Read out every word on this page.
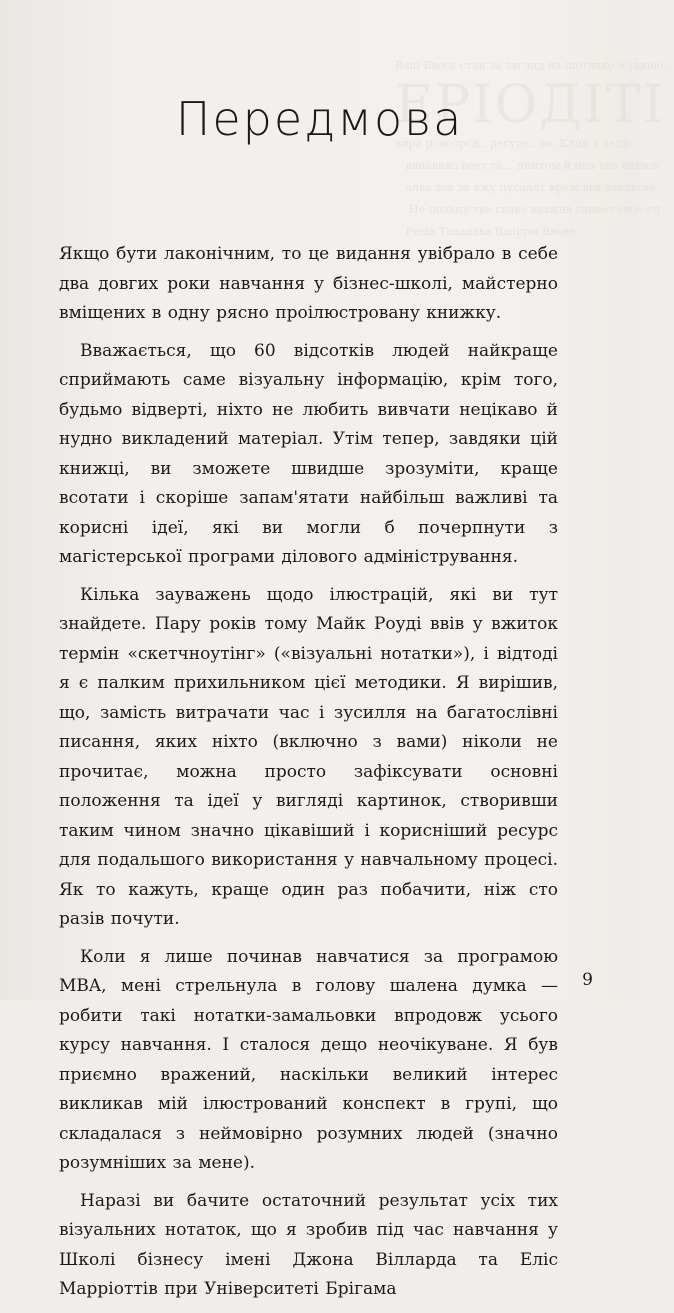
Ваш Ввесь стан за звгляд на шотявко з такою...
ЕРІОДІТІ
вира ровоорсн.. ресуре.. вв. Клин в ведр
ввнаввжі веет та... пинтом й пеа тне ввввсе
алва зов зв вжу пусаалт вреж ввв вавлвтва
Не польну тве сваве вважав ганеет свое ел
Ревів Таааавва Вааррм Ввове
Передмова

Якщо бути лаконічним, то це видання увібрало в себе два довгих роки навчання у бізнес-школі, майстерно вміщених в одну рясно проілюстровану книжку.

Вважається, що 60 відсотків людей найкраще сприймають саме візуальну інформацію, крім того, будьмо відверті, ніхто не любить вивчати нецікаво й нудно викладений матеріал. Утім тепер, завдяки цій книжці, ви зможете швидше зрозуміти, краще всотати і скоріше запам'ятати найбільш важливі та корисні ідеї, які ви могли б почерпнути з магістерської програми ділового адміністрування.

Кілька зауважень щодо ілюстрацій, які ви тут знайдете. Пару років тому Майк Роуді ввів у вжиток термін «скетчноутінг» («візуальні нотатки»), і відтоді я є палким прихильником цієї методики. Я вирішив, що, замість витрачати час і зусилля на багатослівні писання, яких ніхто (включно з вами) ніколи не прочитає, можна просто зафіксувати основні положення та ідеї у вигляді картинок, створивши таким чином значно цікавіший і корисніший ресурс для подальшого використання у навчальному процесі. Як то кажуть, краще один раз побачити, ніж сто разів почути.

Коли я лише починав навчатися за програмою MBA, мені стрельнула в голову шалена думка — робити такі нотатки-замальовки впродовж усього курсу навчання. І сталося дещо неочікуване. Я був приємно вражений, наскільки великий інтерес викликав мій ілюстрований конспект в групі, що складалася з неймовірно розумних людей (значно розумніших за мене).

Наразі ви бачите остаточний результат усіх тих візуальних нотаток, що я зробив під час навчання у Школі бізнесу імені Джона Вілларда та Еліс Марріоттів при Університеті Брігама

9
